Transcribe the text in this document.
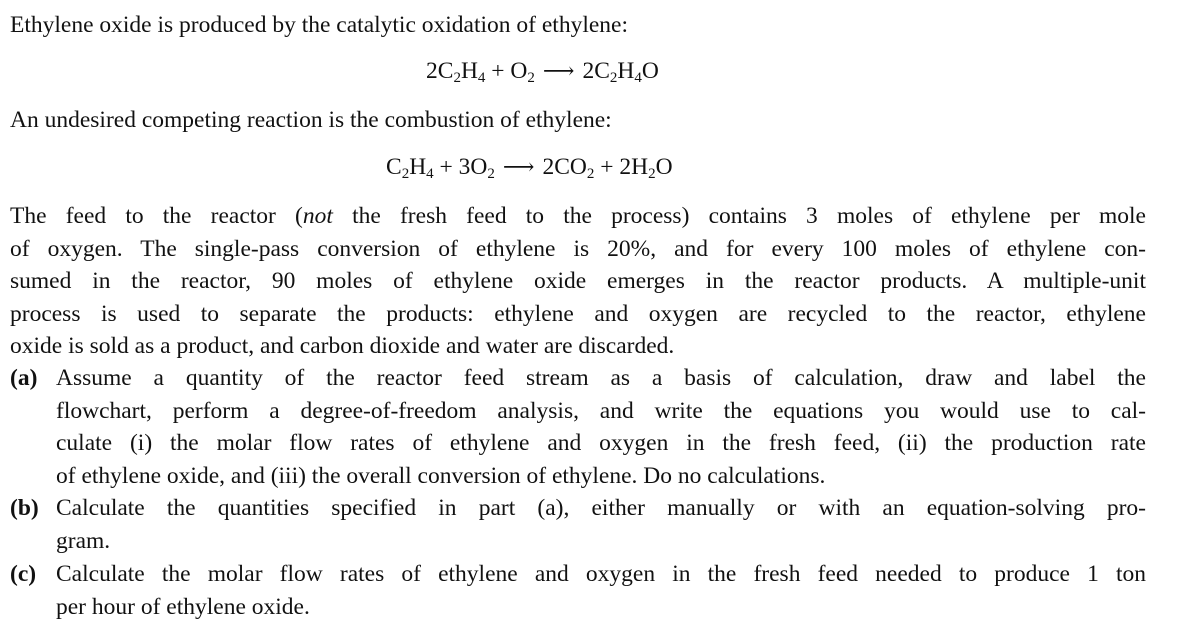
Ethylene oxide is produced by the catalytic oxidation of ethylene:
$2C_2H_4 + O_2$ ⟶ $2C_2H_4O$
An undesired competing reaction is the combustion of ethylene:
$C_2H_4 + 3O_2$ ⟶ $2CO_2 + 2H_2O$
The feed to the reactor (not the fresh feed to the process) contains 3 moles of ethylene per mole
of oxygen. The single-pass conversion of ethylene is 20%, and for every 100 moles of ethylene con-
sumed in the reactor, 90 moles of ethylene oxide emerges in the reactor products. A multiple-unit
process is used to separate the products: ethylene and oxygen are recycled to the reactor, ethylene
oxide is sold as a product, and carbon dioxide and water are discarded.
(a) Assume a quantity of the reactor feed stream as a basis of calculation, draw and label the
flowchart, perform a degree-of-freedom analysis, and write the equations you would use to cal-
culate (i) the molar flow rates of ethylene and oxygen in the fresh feed, (ii) the production rate
of ethylene oxide, and (iii) the overall conversion of ethylene. Do no calculations.
(b) Calculate the quantities specified in part (a), either manually or with an equation-solving pro-
gram.
(c) Calculate the molar flow rates of ethylene and oxygen in the fresh feed needed to produce 1 ton
per hour of ethylene oxide.
